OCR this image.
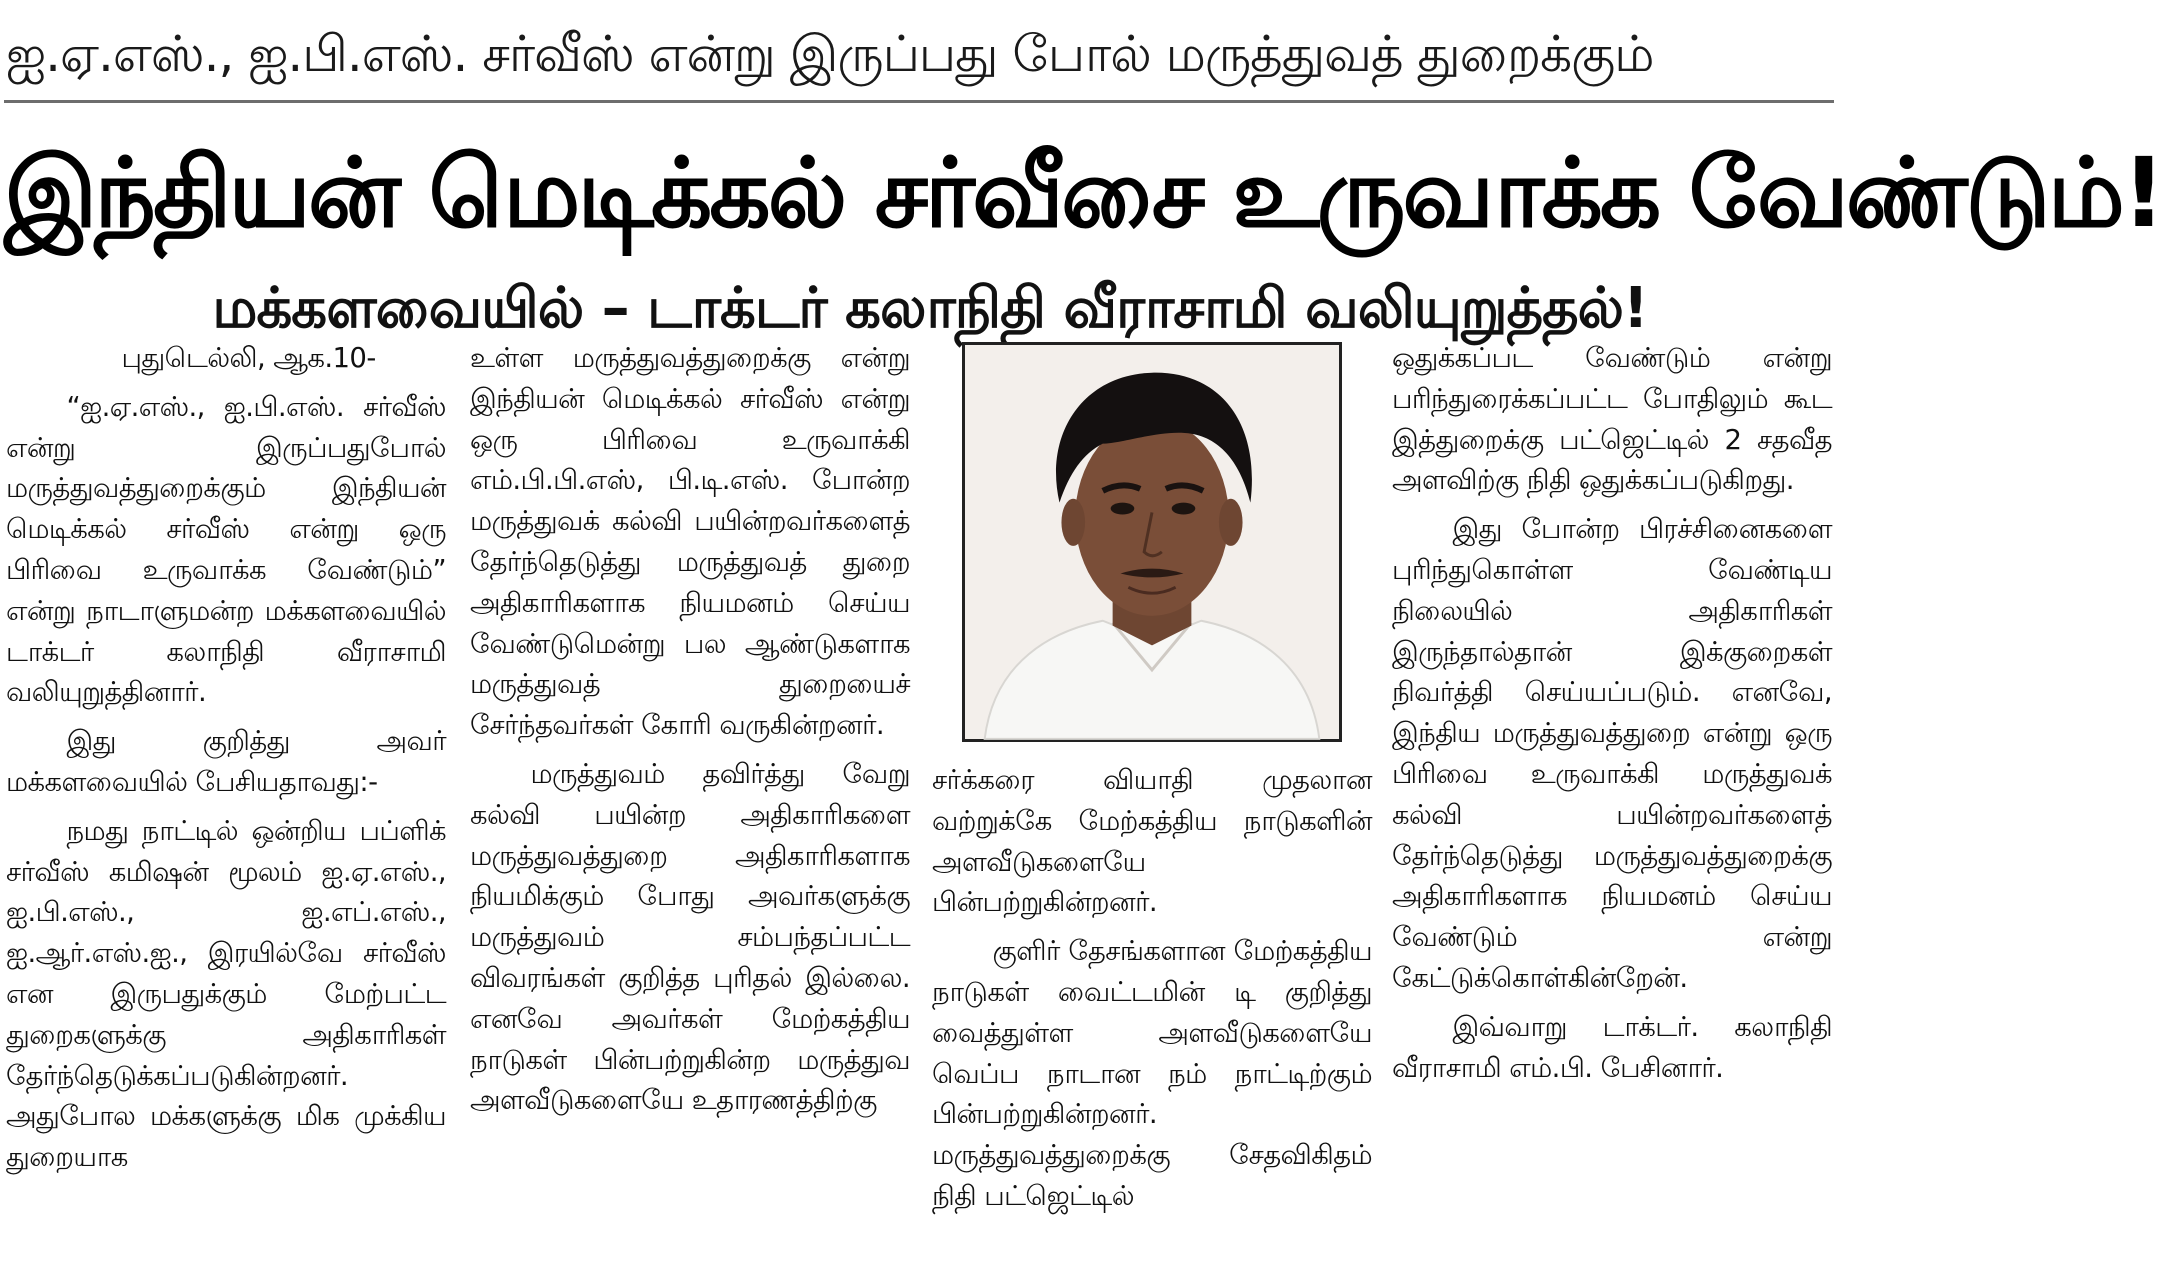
ஐ.ஏ.எஸ்., ஐ.பி.எஸ். சர்வீஸ் என்று இருப்பது போல் மருத்துவத் துறைக்கும்
இந்தியன் மெடிக்கல் சர்வீசை உருவாக்க வேண்டும்!
மக்களவையில் – டாக்டர் கலாநிதி வீராசாமி வலியுறுத்தல்!

புதுடெல்லி, ஆக.10-

“ஐ.ஏ.எஸ்., ஐ.பி.எஸ். சர்வீஸ் என்று இருப்பதுபோல் மருத்துவத்துறைக்கும் இந்தியன் மெடிக்கல் சர்வீஸ் என்று ஒரு பிரிவை உருவாக்க வேண்டும்” என்று நாடாளுமன்ற மக்களவையில் டாக்டர் கலாநிதி வீராசாமி வலியுறுத்தினார்.

இது குறித்து அவர் மக்களவையில் பேசியதாவது:-

நமது நாட்டில் ஒன்றிய பப்ளிக் சர்வீஸ் கமிஷன் மூலம் ஐ.ஏ.எஸ்., ஐ.பி.எஸ்., ஐ.எப்.எஸ்., ஐ.ஆர்.எஸ்.ஐ., இரயில்வே சர்வீஸ் என இருபதுக்கும் மேற்பட்ட துறைகளுக்கு அதிகாரிகள் தேர்ந்தெடுக்கப்படுகின்றனர். அதுபோல மக்களுக்கு மிக முக்கிய துறையாக

உள்ள மருத்துவத்துறைக்கு என்று இந்தியன் மெடிக்கல் சர்வீஸ் என்று ஒரு பிரிவை உருவாக்கி எம்.பி.பி.எஸ், பி.டி.எஸ். போன்ற மருத்துவக் கல்வி பயின்றவர்களைத் தேர்ந்தெடுத்து மருத்துவத் துறை அதிகாரிகளாக நியமனம் செய்ய வேண்டுமென்று பல ஆண்டுகளாக மருத்துவத் துறையைச் சேர்ந்தவர்கள் கோரி வருகின்றனர்.

மருத்துவம் தவிர்த்து வேறு கல்வி பயின்ற அதிகாரிகளை மருத்துவத்துறை அதிகாரிகளாக நியமிக்கும் போது அவர்களுக்கு மருத்துவம் சம்பந்தப்பட்ட விவரங்கள் குறித்த புரிதல் இல்லை. எனவே அவர்கள் மேற்கத்திய நாடுகள் பின்பற்றுகின்ற மருத்துவ அளவீடுகளையே உதாரணத்திற்கு

சர்க்கரை வியாதி முதலான வற்றுக்கே மேற்கத்திய நாடுகளின் அளவீடுகளையே பின்பற்றுகின்றனர்.

குளிர் தேசங்களான மேற்கத்திய நாடுகள் வைட்டமின் டி குறித்து வைத்துள்ள அளவீடுகளையே வெப்ப நாடான நம் நாட்டிற்கும் பின்பற்றுகின்றனர். மருத்துவத்துறைக்கு சேதவிகிதம் நிதி பட்ஜெட்டில்

ஒதுக்கப்பட வேண்டும் என்று பரிந்துரைக்கப்பட்ட போதிலும் கூட இத்துறைக்கு பட்ஜெட்டில் 2 சதவீத அளவிற்கு நிதி ஒதுக்கப்படுகிறது.

இது போன்ற பிரச்சினைகளை புரிந்துகொள்ள வேண்டிய நிலையில் அதிகாரிகள் இருந்தால்தான் இக்குறைகள் நிவர்த்தி செய்யப்படும். எனவே, இந்திய மருத்துவத்துறை என்று ஒரு பிரிவை உருவாக்கி மருத்துவக் கல்வி பயின்றவர்களைத் தேர்ந்தெடுத்து மருத்துவத்துறைக்கு அதிகாரிகளாக நியமனம் செய்ய வேண்டும் என்று கேட்டுக்கொள்கின்றேன்.

இவ்வாறு டாக்டர். கலாநிதி வீராசாமி எம்.பி. பேசினார்.
